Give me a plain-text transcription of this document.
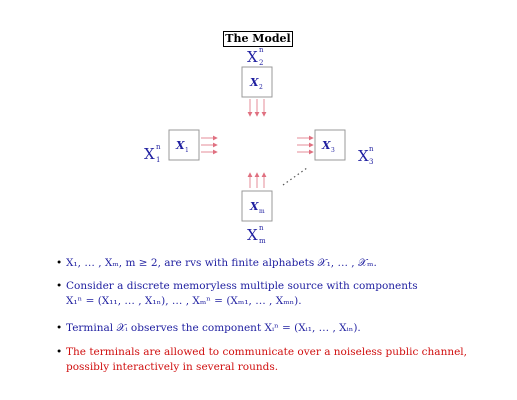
The Model
X n
2
X 2
X n
1
X 1	X 3 X n
3
X m
X n
m
• X₁, … , Xₘ, m ≥ 2, are rvs with finite alphabets 𝒳₁, … , 𝒳ₘ.
• Consider a discrete memoryless multiple source with components
X₁ⁿ = (X₁₁, … , X₁ₙ), … , Xₘⁿ = (Xₘ₁, … , Xₘₙ).
• Terminal 𝒳ᵢ observes the component Xᵢⁿ = (Xᵢ₁, … , Xᵢₙ).
• The terminals are allowed to communicate over a noiseless public channel,
possibly interactively in several rounds.
